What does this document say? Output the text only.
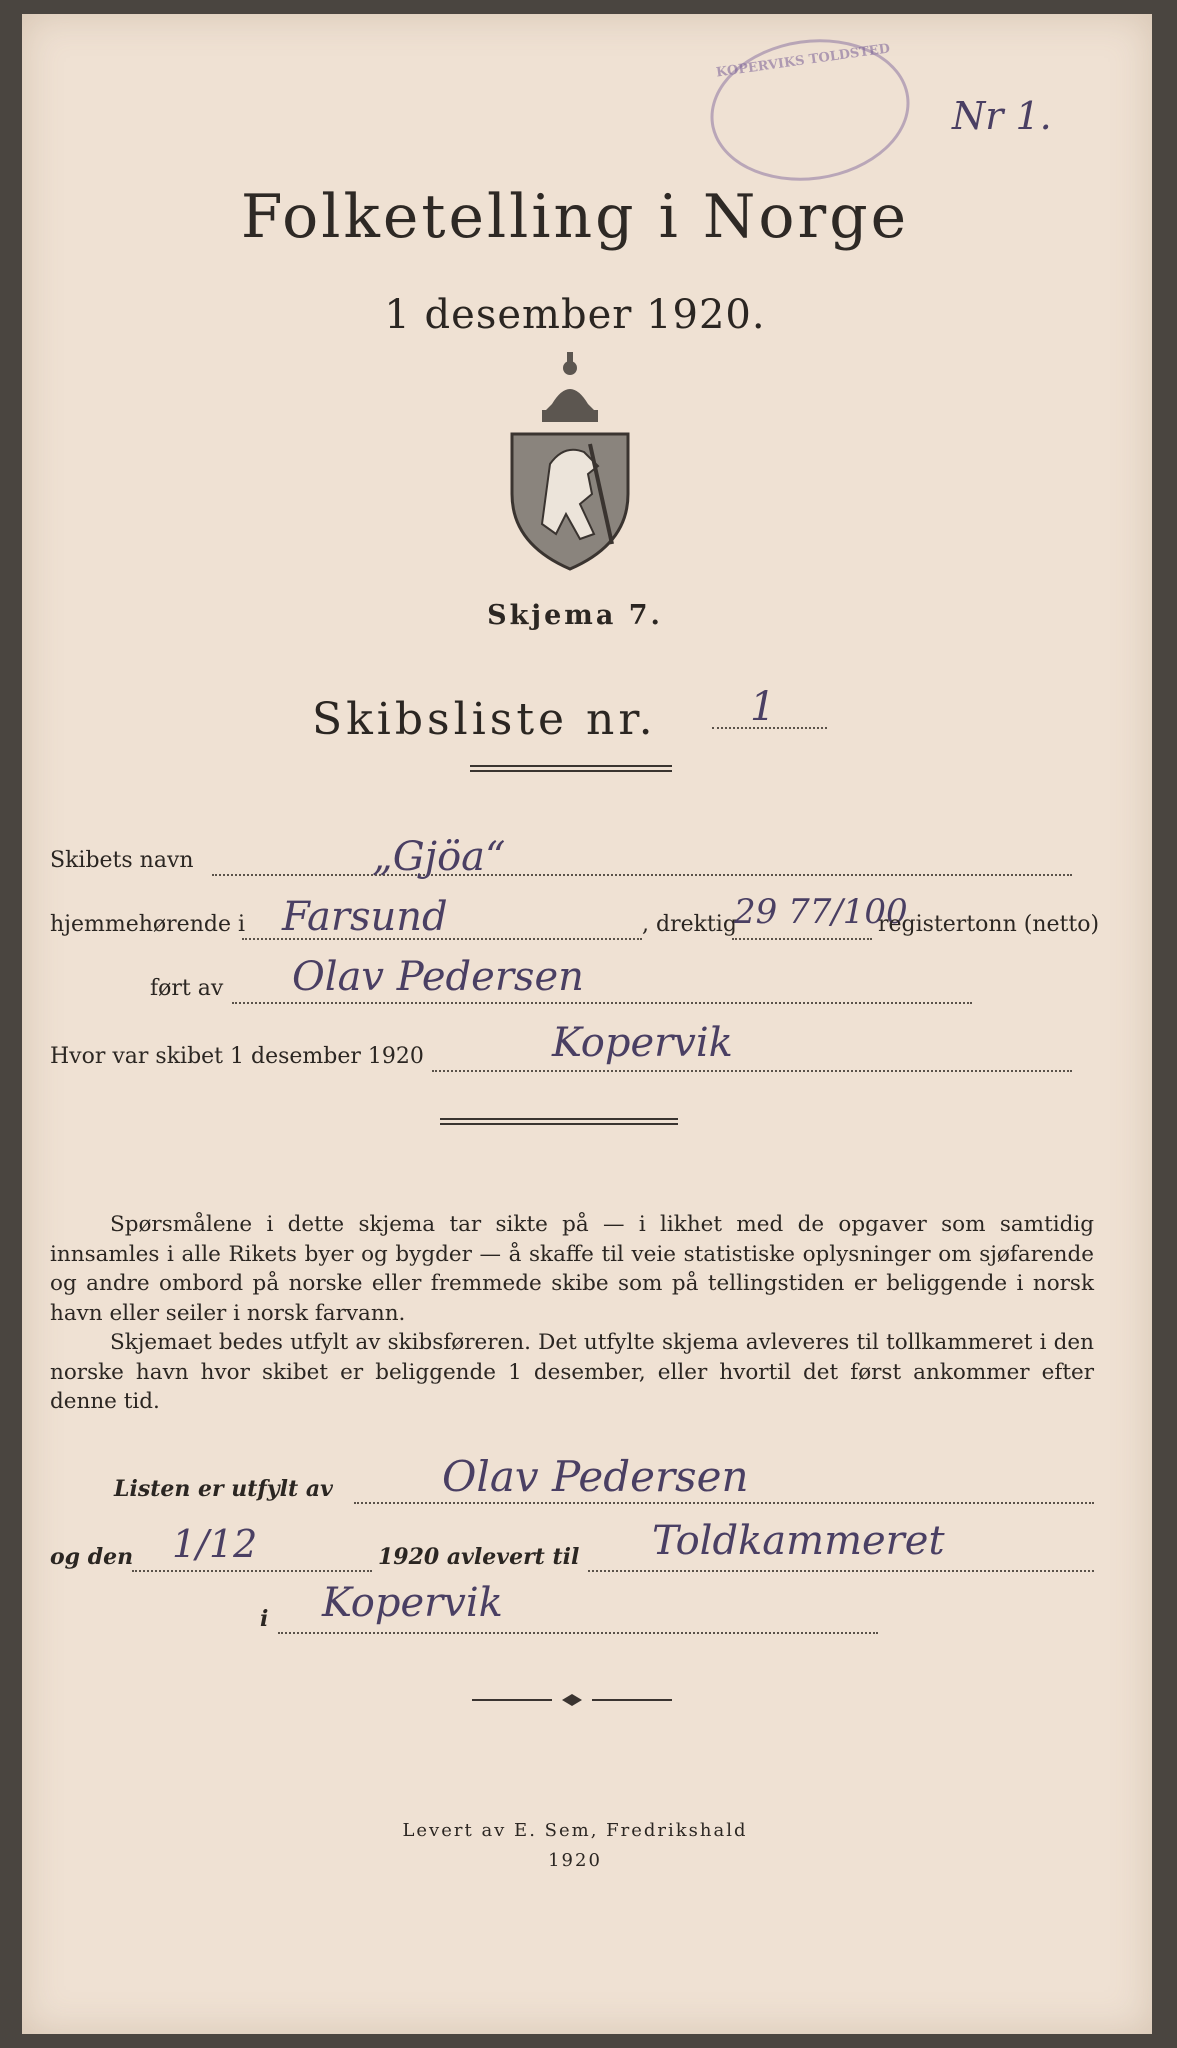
KOPERVIKS TOLDSTED
Nr 1.
Folketelling i Norge
1 desember 1920.
Skjema 7.
Skibsliste nr. 1
Skibets navn	„Gjöa“
hjemmehørende i Farsund	, drektig
29 77/100
registertonn (netto)
ført av Olav Pedersen
Hvor var skibet 1 desember 1920	Kopervik
Spørsmålene i dette skjema tar sikte på — i likhet med de opgaver som samtidig innsamles i alle Rikets byer og bygder — å skaffe til veie statistiske oplysninger om sjøfarende og andre ombord på norske eller fremmede skibe som på tellingstiden er beliggende i norsk havn eller seiler i norsk farvann.
Skjemaet bedes utfylt av skibsføreren. Det utfylte skjema avleveres til tollkammeret i den norske havn hvor skibet er beliggende 1 desember, eller hvortil det først ankommer efter denne tid.
Listen er utfylt av	Olav Pedersen
og den 1/12	1920 avlevert til Toldkammeret
i Kopervik
Levert av E. Sem, Fredrikshald
1920
